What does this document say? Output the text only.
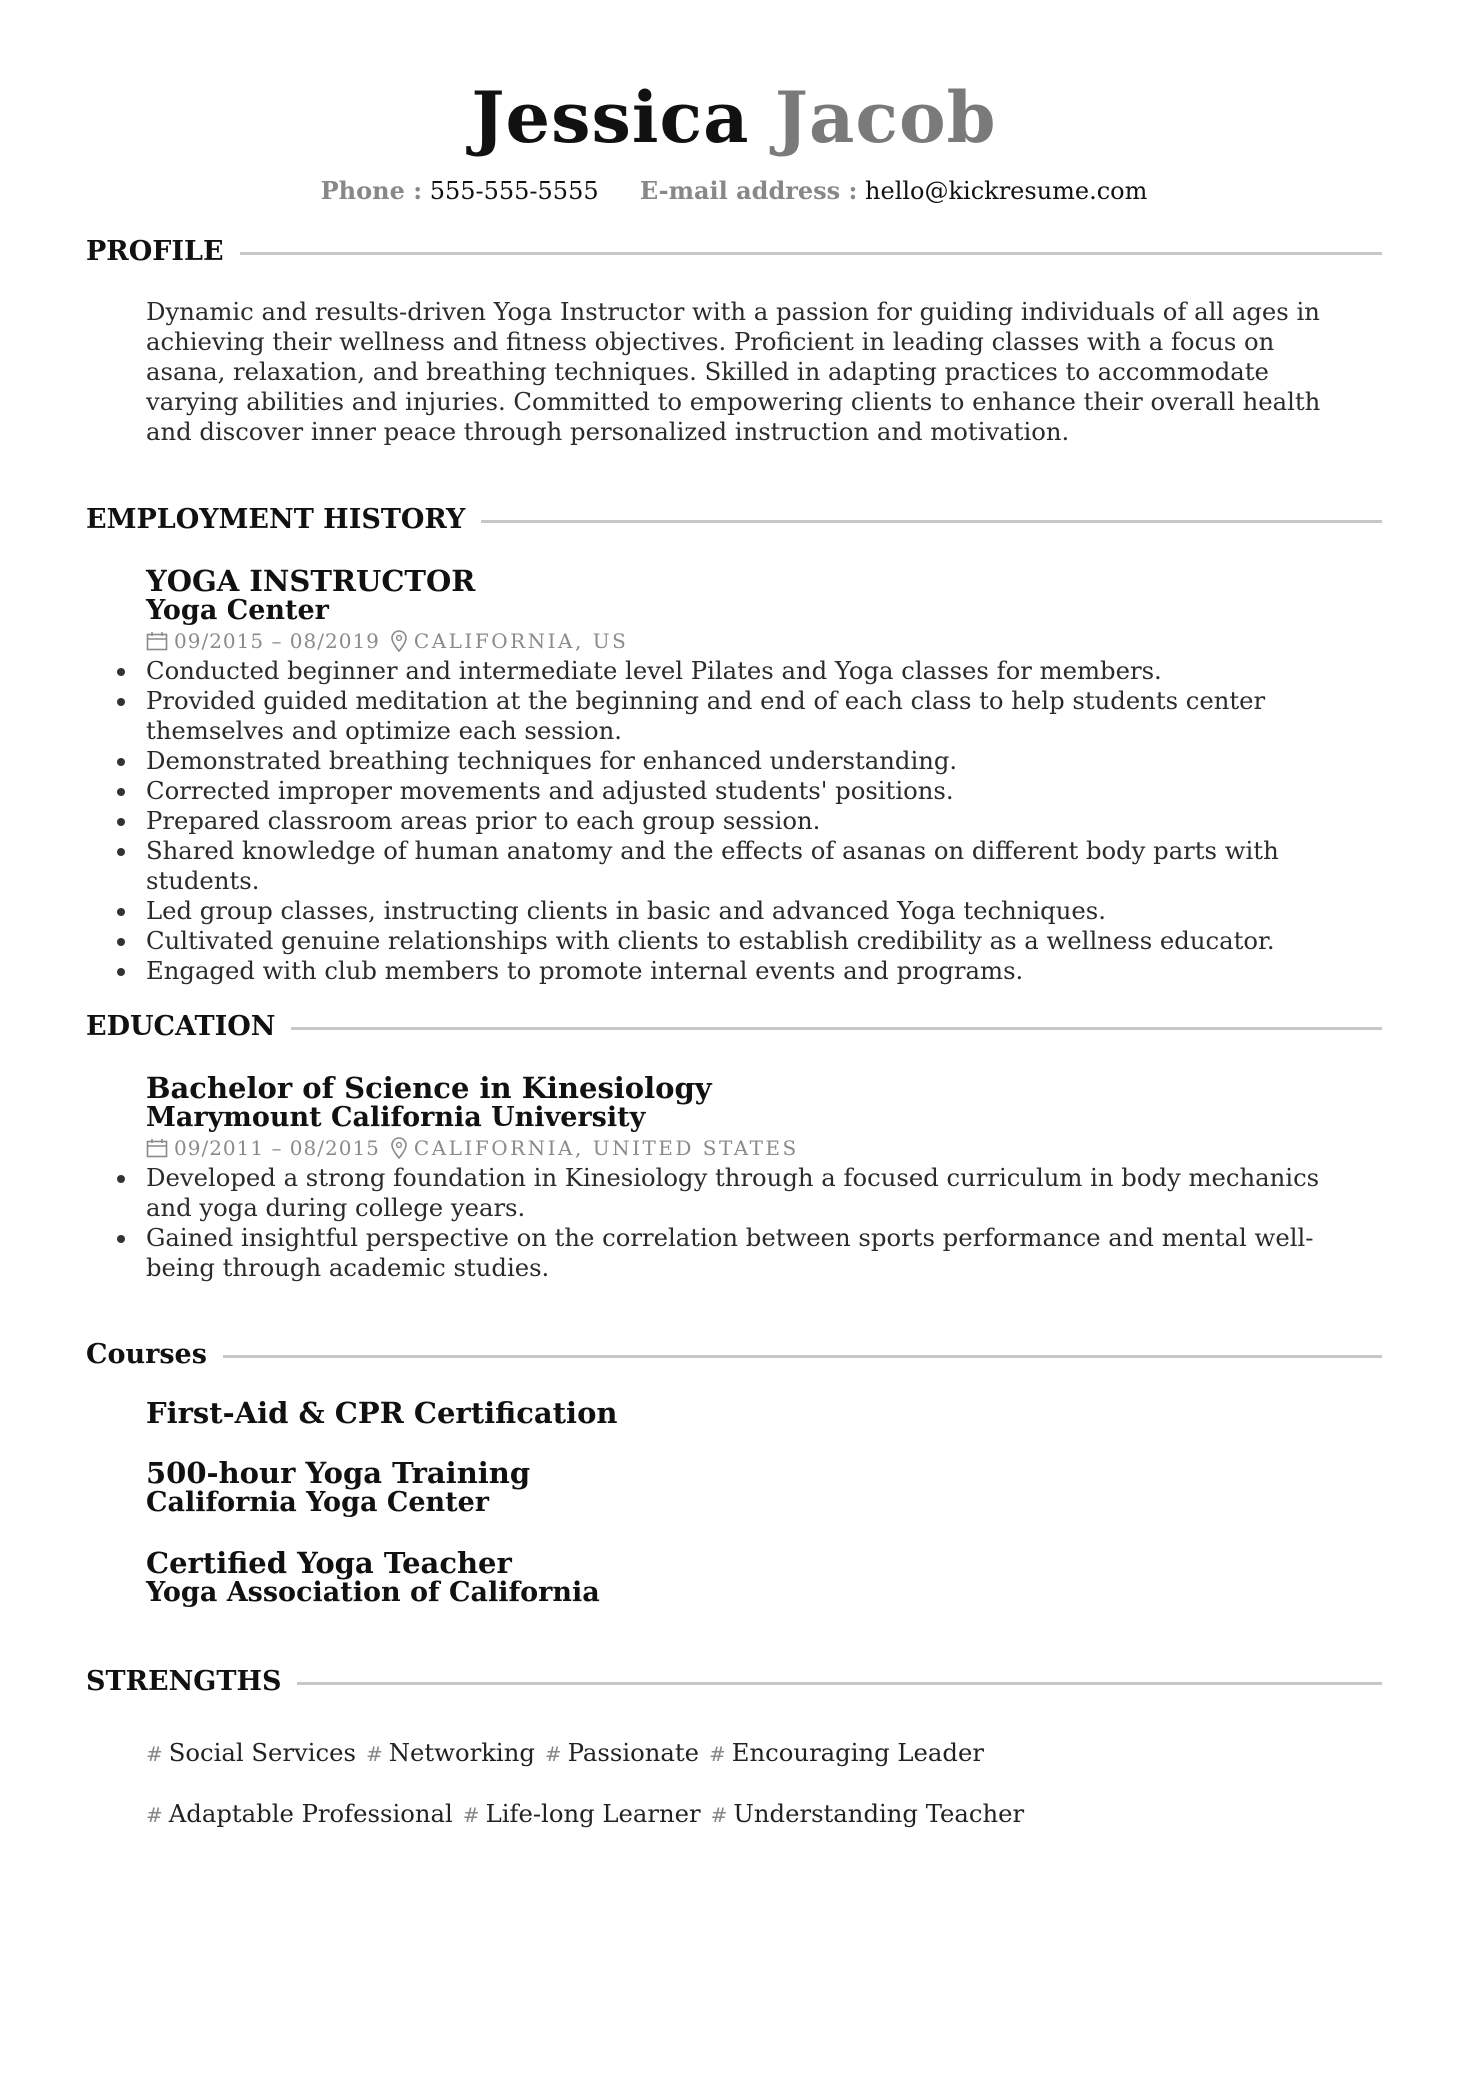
Jessica Jacob
Phone : 555-555-5555 E-mail address : hello@kickresume.com
PROFILE

Dynamic and results-driven Yoga Instructor with a passion for guiding individuals of all ages in achieving their wellness and fitness objectives. Proficient in leading classes with a focus on asana, relaxation, and breathing techniques. Skilled in adapting practices to accommodate varying abilities and injuries. Committed to empowering clients to enhance their overall health and discover inner peace through personalized instruction and motivation.

EMPLOYMENT HISTORY
YOGA INSTRUCTOR
Yoga Center
09/2015 – 08/2019 CALIFORNIA, US
Conducted beginner and intermediate level Pilates and Yoga classes for members.
Provided guided meditation at the beginning and end of each class to help students center themselves and optimize each session.
Demonstrated breathing techniques for enhanced understanding.
Corrected improper movements and adjusted students' positions.
Prepared classroom areas prior to each group session.
Shared knowledge of human anatomy and the effects of asanas on different body parts with students.
Led group classes, instructing clients in basic and advanced Yoga techniques.
Cultivated genuine relationships with clients to establish credibility as a wellness educator.
Engaged with club members to promote internal events and programs.
EDUCATION
Bachelor of Science in Kinesiology
Marymount California University
09/2011 – 08/2015 CALIFORNIA, UNITED STATES
Developed a strong foundation in Kinesiology through a focused curriculum in body mechanics and yoga during college years.
Gained insightful perspective on the correlation between sports performance and mental well-being through academic studies.
Courses
First-Aid & CPR Certification
500-hour Yoga Training
California Yoga Center
Certified Yoga Teacher
Yoga Association of California
STRENGTHS
# Social Services # Networking # Passionate # Encouraging Leader
# Adaptable Professional # Life-long Learner # Understanding Teacher
